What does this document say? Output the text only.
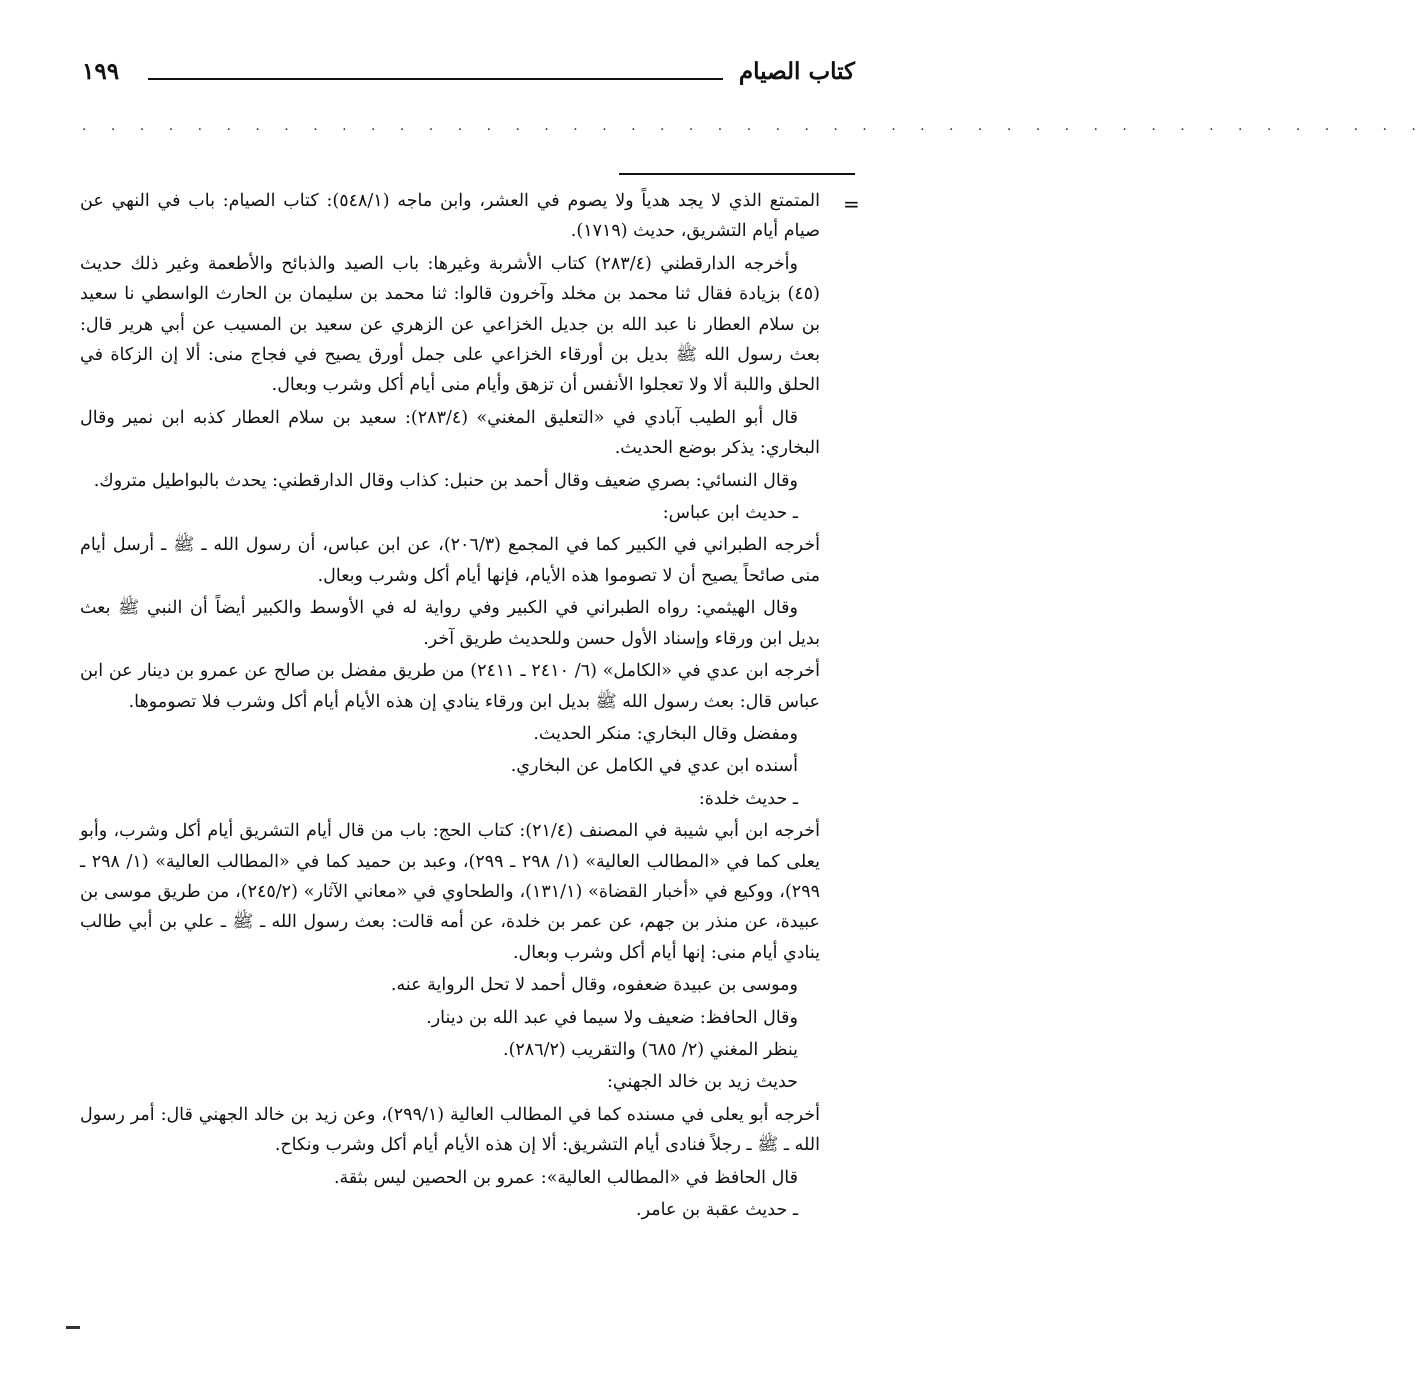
كتاب الصيام
١٩٩
. . . . . . . . . . . . . . . . . . . . . . . . . . . . . . . . . . . . . . . . . . . . . . .
=

المتمتع الذي لا يجد هدياً ولا يصوم في العشر، وابن ماجه (٥٤٨/١): كتاب الصيام: باب في النهي عن صيام أيام التشريق، حديث (١٧١٩).

وأخرجه الدارقطني (٢٨٣/٤) كتاب الأشربة وغيرها: باب الصيد والذبائح والأطعمة وغير ذلك حديث (٤٥) بزيادة فقال ثنا محمد بن مخلد وآخرون قالوا: ثنا محمد بن سليمان بن الحارث الواسطي نا سعيد بن سلام العطار نا عبد الله بن جديل الخزاعي عن الزهري عن سعيد بن المسيب عن أبي هرير قال: بعث رسول الله ﷺ بديل بن أورقاء الخزاعي على جمل أورق يصيح في فجاج منى: ألا إن الزكاة في الحلق واللبة ألا ولا تعجلوا الأنفس أن تزهق وأيام منى أيام أكل وشرب وبعال.

قال أبو الطيب آبادي في «التعليق المغني» (٢٨٣/٤): سعيد بن سلام العطار كذبه ابن نمير وقال البخاري: يذكر بوضع الحديث.

وقال النسائي: بصري ضعيف وقال أحمد بن حنبل: كذاب وقال الدارقطني: يحدث بالبواطيل متروك.

ـ حديث ابن عباس:

أخرجه الطبراني في الكبير كما في المجمع (٢٠٦/٣)، عن ابن عباس، أن رسول الله ـ ﷺ ـ أرسل أيام منى صائحاً يصيح أن لا تصوموا هذه الأيام، فإنها أيام أكل وشرب وبعال.

وقال الهيثمي: رواه الطبراني في الكبير وفي رواية له في الأوسط والكبير أيضاً أن النبي ﷺ بعث بديل ابن ورقاء وإسناد الأول حسن وللحديث طريق آخر.

أخرجه ابن عدي في «الكامل» (٦/ ٢٤١٠ ـ ٢٤١١) من طريق مفضل بن صالح عن عمرو بن دينار عن ابن عباس قال: بعث رسول الله ﷺ بديل ابن ورقاء ينادي إن هذه الأيام أيام أكل وشرب فلا تصوموها.

ومفضل وقال البخاري: منكر الحديث.

أسنده ابن عدي في الكامل عن البخاري.

ـ حديث خلدة:

أخرجه ابن أبي شيبة في المصنف (٢١/٤): كتاب الحج: باب من قال أيام التشريق أيام أكل وشرب، وأبو يعلى كما في «المطالب العالية» (١/ ٢٩٨ ـ ٢٩٩)، وعبد بن حميد كما في «المطالب العالية» (١/ ٢٩٨ ـ ٢٩٩)، ووكيع في «أخبار القضاة» (١٣١/١)، والطحاوي في «معاني الآثار» (٢٤٥/٢)، من طريق موسى بن عبيدة، عن منذر بن جهم، عن عمر بن خلدة، عن أمه قالت: بعث رسول الله ـ ﷺ ـ علي بن أبي طالب ينادي أيام منى: إنها أيام أكل وشرب وبعال.

وموسى بن عبيدة ضعفوه، وقال أحمد لا تحل الرواية عنه.

وقال الحافظ: ضعيف ولا سيما في عبد الله بن دينار.

ينظر المغني (٢/ ٦٨٥) والتقريب (٢٨٦/٢).

حديث زيد بن خالد الجهني:

أخرجه أبو يعلى في مسنده كما في المطالب العالية (٢٩٩/١)، وعن زيد بن خالد الجهني قال: أمر رسول الله ـ ﷺ ـ رجلاً فنادى أيام التشريق: ألا إن هذه الأيام أيام أكل وشرب ونكاح.

قال الحافظ في «المطالب العالية»: عمرو بن الحصين ليس بثقة.

ـ حديث عقبة بن عامر.
